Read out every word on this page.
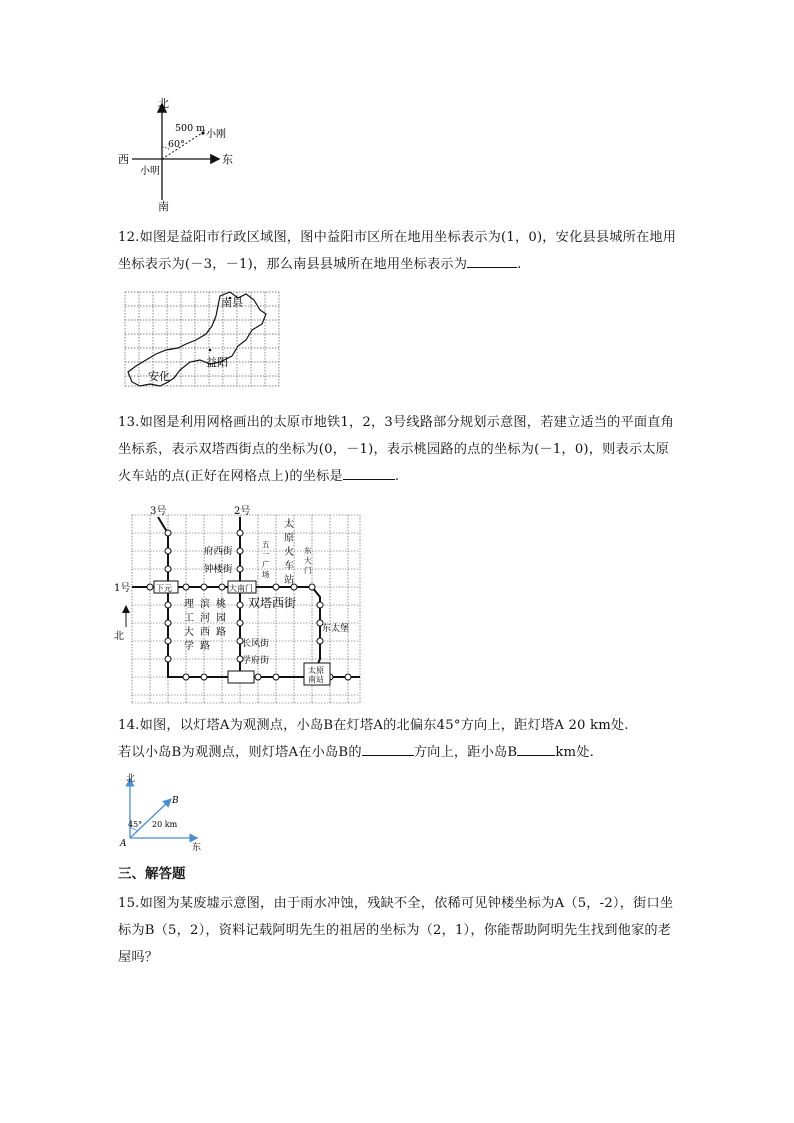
北
南
东
西
500 m
60°
小刚
小明
12.如图是益阳市行政区域图，图中益阳市区所在地用坐标表示为(1，0)，安化县县城所在地用坐标表示为(－3，－1)，那么南县县城所在地用坐标表示为	.
南县
益阳
安化
13.如图是利用网格画出的太原市地铁1，2，3号线路部分规划示意图，若建立适当的平面直角坐标系，表示双塔西街点的坐标为(0，－1)，表示桃园路的点的坐标为(－1，0)，则表示太原火车站的点(正好在网格点上)的坐标是	.
3号	2号
1号
北
下元	大南门
府西街
钟楼街
双塔西街
东太堡
长风街
学府街
太原
南站
太
原
火
车
站
理
工
大
学
滨
河
西
路
桃
园
路
五
一
广
场
东
大
门
14.如图，以灯塔A为观测点，小岛B在灯塔A的北偏东45°方向上，距灯塔A 20 km处.
若以小岛B为观测点，则灯塔A在小岛B的	方向上，距小岛B	km处.
北
东
B
A
45° 20 km
三、解答题
15.如图为某废墟示意图，由于雨水冲蚀，残缺不全，依稀可见钟楼坐标为A（5，-2），街口坐标为B（5，2），资料记载阿明先生的祖居的坐标为（2，1），你能帮助阿明先生找到他家的老屋吗？
